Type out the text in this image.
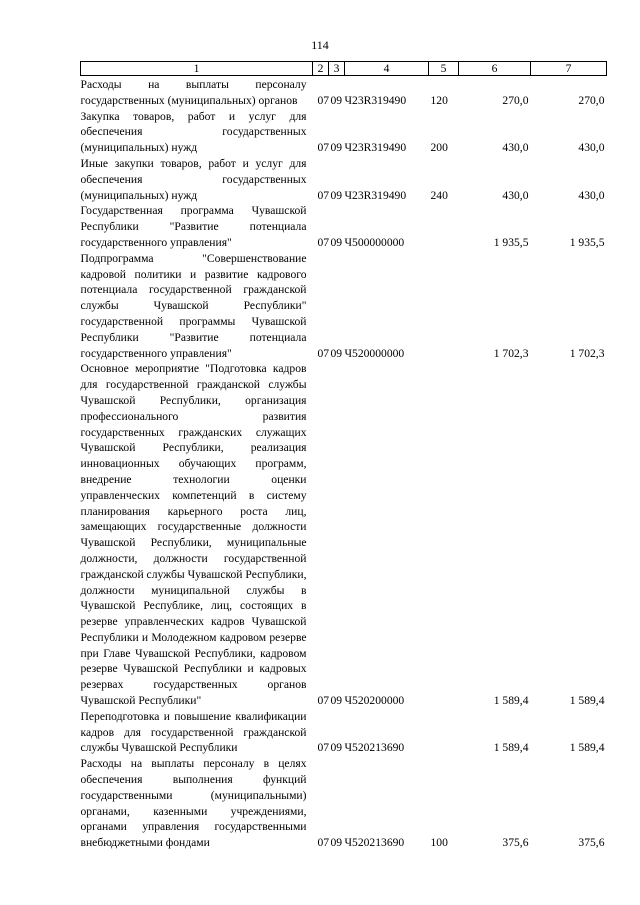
114
1	2	3	4	5	6	7
Расходы на выплаты персоналу государственных (муниципальных) органов	07	09	Ч23R319490	120	270,0	270,0
Закупка товаров, работ и услуг для обеспечения государственных (муниципальных) нужд	07	09	Ч23R319490	200	430,0	430,0
Иные закупки товаров, работ и услуг для обеспечения государственных (муниципальных) нужд	07	09	Ч23R319490	240	430,0	430,0
Государственная программа Чувашской Республики "Развитие потенциала государственного управления"	07	09	Ч500000000		1 935,5	1 935,5
Подпрограмма "Совершенствование кадровой политики и развитие кадрового потенциала государственной гражданской службы Чувашской Республики" государственной программы Чувашской Республики "Развитие потенциала государственного управления"	07	09	Ч520000000		1 702,3	1 702,3
Основное мероприятие "Подготовка кадров для государственной гражданской службы Чувашской Республики, организация профессионального развития государственных гражданских служащих Чувашской Республики, реализация инновационных обучающих программ, внедрение технологии оценки управленческих компетенций в систему планирования карьерного роста лиц, замещающих государственные должности Чувашской Республики, муниципальные должности, должности государственной гражданской службы Чувашской Республики, должности муниципальной службы в Чувашской Республике, лиц, состоящих в резерве управленческих кадров Чувашской Республики и Молодежном кадровом резерве при Главе Чувашской Республики, кадровом резерве Чувашской Республики и кадровых резервах государственных органов Чувашской Республики"	07	09	Ч520200000		1 589,4	1 589,4
Переподготовка и повышение квалификации кадров для государственной гражданской службы Чувашской Республики	07	09	Ч520213690		1 589,4	1 589,4
Расходы на выплаты персоналу в целях обеспечения выполнения функций государственными (муниципальными) органами, казенными учреждениями, органами управления государственными внебюджетными фондами	07	09	Ч520213690	100	375,6	375,6
